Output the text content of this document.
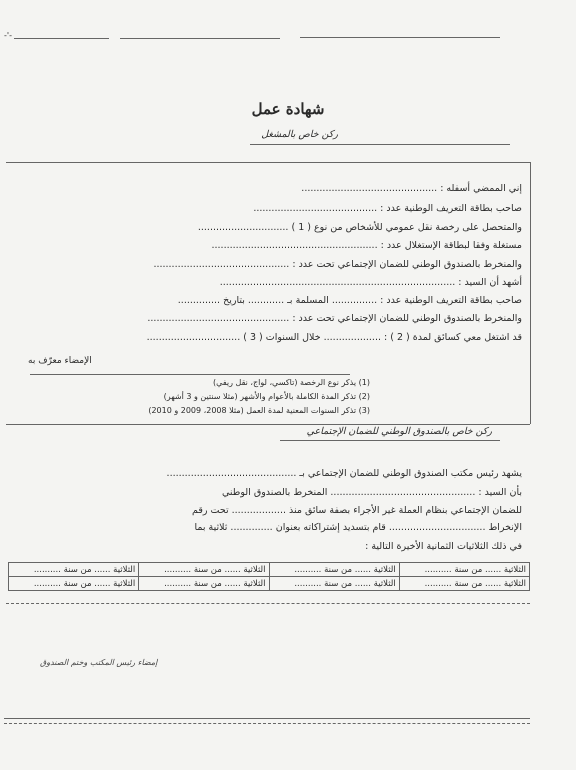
-'-
شهادة عمل
ركن خاص بالمشغل
إني الممضي أسفله : .............................................
صاحب بطاقة التعريف الوطنية عدد : .........................................
والمتحصل على رخصة نقل عمومي للأشخاص من نوع ( 1 ) ..............................
مستغلة وفقا لبطاقة الإستغلال عدد : .......................................................
والمنخرط بالصندوق الوطني للضمان الإجتماعي تحت عدد : .............................................
أشهد أن السيد : ..............................................................................
صاحب بطاقة التعريف الوطنية عدد : ............... المسلمة بـ ............ بتاريخ ..............
والمنخرط بالصندوق الوطني للضمان الإجتماعي تحت عدد : ...............................................
قد اشتغل معي كسائق لمدة ( 2 ) : ................... خلال السنوات ( 3 ) ...............................
الإمضاء معرّف به
(1) يذكر نوع الرخصة (تاكسي، لواج، نقل ريفي)
(2) تذكر المدة الكاملة بالأعوام والأشهر (مثلا سنتين و 3 أشهر)
(3) تذكر السنوات المعنية لمدة العمل (مثلا 2008، 2009 و 2010)
ركن خاص بالصندوق الوطني للضمان الإجتماعي
يشهد رئيس مكتب الصندوق الوطني للضمان الإجتماعي بـ ...........................................
بأن السيد : ................................................ المنخرط بالصندوق الوطني
للضمان الإجتماعي بنظام العملة غير الأجراء بصفة سائق منذ .................. تحت رقم
الإنخراط ................................ قام بتسديد إشتراكاته بعنوان .............. ثلاثية بما
في ذلك الثلاثيات الثمانية الأخيرة التالية :
الثلاثية ...... من سنة ..........	الثلاثية ...... من سنة ..........	الثلاثية ...... من سنة ..........	الثلاثية ...... من سنة ..........
الثلاثية ...... من سنة ..........	الثلاثية ...... من سنة ..........	الثلاثية ...... من سنة ..........	الثلاثية ...... من سنة ..........
إمضاء رئيس المكتب وختم الصندوق
